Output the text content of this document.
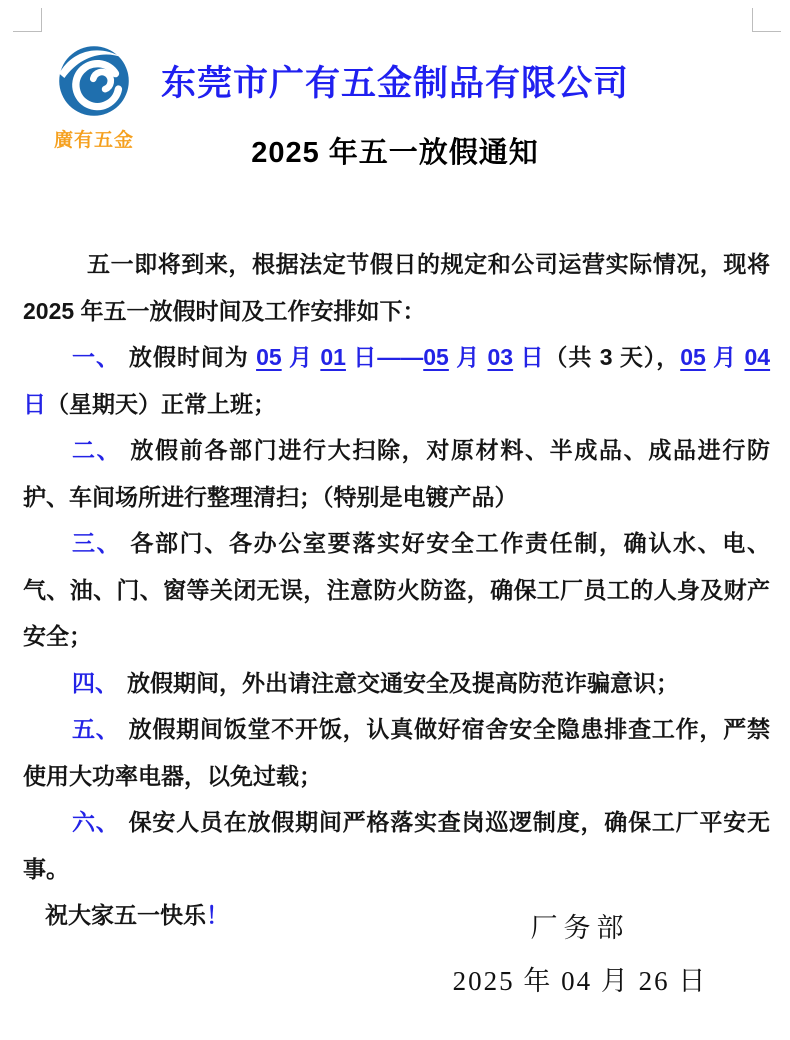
廣有五金
东莞市广有五金制品有限公司
2025 年五一放假通知

五一即将到来，根据法定节假日的规定和公司运营实际情况，现将 2025 年五一放假时间及工作安排如下：

一、 放假时间为 05 月 01 日——05 月 03 日（共 3 天），05 月 04 日（星期天）正常上班；

二、 放假前各部门进行大扫除，对原材料、半成品、成品进行防护、车间场所进行整理清扫；（特别是电镀产品）

三、 各部门、各办公室要落实好安全工作责任制，确认水、电、气、油、门、窗等关闭无误，注意防火防盗，确保工厂员工的人身及财产安全；

四、 放假期间，外出请注意交通安全及提高防范诈骗意识；

五、 放假期间饭堂不开饭，认真做好宿舍安全隐患排查工作，严禁使用大功率电器，以免过载；

六、 保安人员在放假期间严格落实查岗巡逻制度，确保工厂平安无事。

祝大家五一快乐！	厂务部
2025 年 04 月 26 日
